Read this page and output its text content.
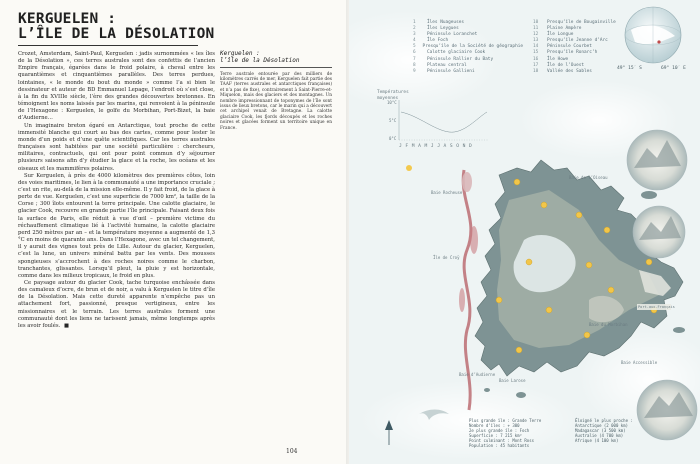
KERGUELEN :
L’ÎLE DE LA DÉSOLATION

Crozet, Amsterdam, Saint-Paul, Kerguelen : jadis surnommées « les îles de la Désolation », ces terres australes sont des confettis de l’ancien Empire français, égarées dans le froid polaire, à cheval entre les quarantièmes et cinquantièmes parallèles. Des terres perdues, lointaines, « le monde du bout du monde » comme l’a si bien le dessinateur et auteur de BD Emmanuel Lepage, l’endroit où s’est close, à la fin du XVIIIe siècle, l’ère des grandes découvertes bretonnes. En témoignent les noms laissés par les marins, qui renvoient à la péninsule de l’Hexagone : Kerguelen, le golfe du Morbihan, Port-Bizet, la baie d’Audierne…

Un imaginaire breton égaré en Antarctique, tout proche de cette immensité blanche qui court au bas des cartes, comme pour lester le monde d’un poids et d’une quête scientifiques. Car les terres australes françaises sont habitées par une société particulière : chercheurs, militaires, contractuels, qui ont pour point commun d’y séjourner plusieurs saisons afin d’y étudier la glace et la roche, les océans et les oiseaux et les mammifères polaires.

Sur Kerguelen, à près de 4000 kilomètres des premières côtes, loin des voies maritimes, le lien à la communauté a une importance cruciale ; c’est un rite, au-delà de la mission elle-même. Il y fait froid, de la glace à perte de vue. Kerguelen, c’est une superficie de 7000 km², la taille de la Corse ; 300 îlots entourent la terre principale. Une calotte glaciaire, le glacier Cook, recouvre en grande partie l’île principale. Faisant deux fois la surface de Paris, elle réduit à vue d’œil – première victime du réchauffement climatique lié à l’activité humaine, la calotte glaciaire perd 250 mètres par an – et la température moyenne a augmenté de 1,3 °C en moins de quarante ans. Dans l’Hexagone, avec un tel changement, il y aurait des vignes tout près de Lille. Autour du glacier, Kerguelen, c’est la lune, un univers minéral battu par les vents. Des mousses spongieuses s’accrochent à des roches noires comme le charbon, tranchantes, glissantes. Lorsqu’il pleut, la pluie y est horizontale, comme dans les milieux tropicaux, le froid en plus.

Ce paysage autour du glacier Cook, tache turquoise enchâssée dans des camaïeux d’ocre, de brun et de noir, a valu à Kerguelen le titre d’île de la Désolation. Mais cette dureté apparente n’empêche pas un attachement fort, passionné, presque vertigineux, entre les missionnaires et le terrain. Les terres australes forment une communauté dont les liens ne tarissent jamais, même longtemps après les avoir foulés. ■

Kerguelen :
l’île de la Désolation
Terre australe entourée par des milliers de kilomètres carrés de mer, Kerguelen fait partie des TAAF (terres australes et antarctiques françaises) et n’a pas de fixe), contrairement à Saint-Pierre-et-Miquelon, mais des glaciers et des montagnes. Un nombre impressionnant de toponymes de l’île sont issus de lieux bretons, car le marin qui a découvert cet archipel venait de Bretagne. La calotte glaciaire Cook, les fjords découpés et les roches noires et glacées forment un territoire unique en France.
104
Températures
moyennes
10°C
5°C
0°C
JFMAMJJASOND
49° 15′ S	69° 10′ E
1	Îles Nuageuses
2	Îles Leygues
3	Péninsule Loranchet
4	Île Foch
5	Presqu’île de la Société de géographie
6	Calotte glaciaire Cook
7	Péninsule Rallier du Baty
8	Plateau central
9	Péninsule Gallieni
10	Presqu’île de Bougainville
11	Plaine Ampère
12	Île Longue
13	Presqu’île Jeanne d’Arc
14	Péninsule Courbet
15	Presqu’île Ronarc’h
16	Île Howe
17	Île de l’Ouest
18	Vallée des Sables
Baie Rocheuse
Île de Croÿ
Baie de l’Oiseau
Port-aux-Français
Baie du Morbihan
Baie Larose
Baie d’Audierne
Baie Accessible
Plus grande île : Grande Terre
Nombre d’îles : + 300
2e plus grande île : Foch
Superficie : 7 215 km²
Point culminant : Mont Ross
Population : 45 habitants
Éloigné le plus proche :
Antarctique (2 000 km)
Madagascar (3 500 km)
Australie (4 700 km)
Afrique (4 100 km)
